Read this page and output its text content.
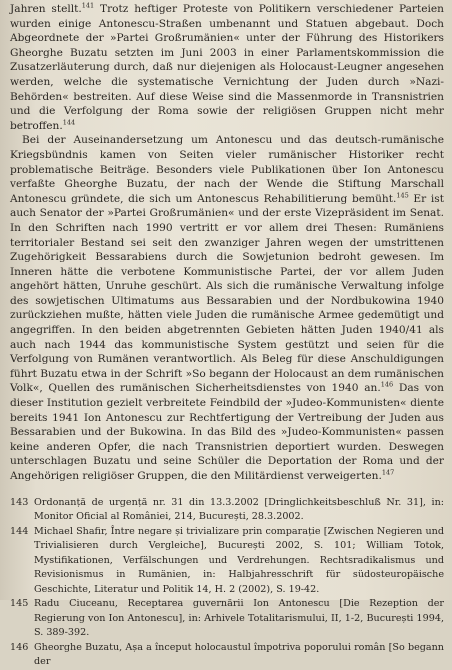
Jahren stellt.$^{141}$ Trotz heftiger Proteste von Politikern verschiedener Parteien wurden einige Antonescu-Straßen umbenannt und Statuen abgebaut. Doch Abgeordnete der »Partei Großrumänien« unter der Führung des Historikers Gheorghe Buzatu setzten im Juni 2003 in einer Parlamentskommission die Zusatzerläuterung durch, daß nur diejenigen als Holocaust-Leugner angesehen werden, welche die systematische Vernichtung der Juden durch »Nazi-Behörden« bestreiten. Auf diese Weise sind die Massenmorde in Transnistrien und die Verfolgung der Roma sowie der religiösen Gruppen nicht mehr betroffen.$^{144}$

Bei der Auseinandersetzung um Antonescu und das deutsch-rumänische Kriegsbündnis kamen von Seiten vieler rumänischer Historiker recht problematische Beiträge. Besonders viele Publikationen über Ion Antonescu verfaßte Gheorghe Buzatu, der nach der Wende die Stiftung Marschall Antonescu gründete, die sich um Antonescus Rehabilitierung bemüht.$^{145}$ Er ist auch Senator der »Partei Großrumänien« und der erste Vizepräsident im Senat. In den Schriften nach 1990 vertritt er vor allem drei Thesen: Rumäniens territorialer Bestand sei seit den zwanziger Jahren wegen der umstrittenen Zugehörigkeit Bessarabiens durch die Sowjetunion bedroht gewesen. Im Inneren hätte die verbotene Kommunistische Partei, der vor allem Juden angehört hätten, Unruhe geschürt. Als sich die rumänische Verwaltung infolge des sowjetischen Ultimatums aus Bessarabien und der Nordbukowina 1940 zurückziehen mußte, hätten viele Juden die rumänische Armee gedemütigt und angegriffen. In den beiden abgetrennten Gebieten hätten Juden 1940/41 als auch nach 1944 das kommunistische System gestützt und seien für die Verfolgung von Rumänen verantwortlich. Als Beleg für diese Anschuldigungen führt Buzatu etwa in der Schrift »So begann der Holocaust an dem rumänischen Volk«, Quellen des rumänischen Sicherheitsdienstes von 1940 an.$^{146}$ Das von dieser Institution gezielt verbreitete Feindbild der »Judeo-Kommunisten« diente bereits 1941 Ion Antonescu zur Rechtfertigung der Vertreibung der Juden aus Bessarabien und der Bukowina. In das Bild des »Judeo-Kommunisten« passen keine anderen Opfer, die nach Transnistrien deportiert wurden. Deswegen unterschlagen Buzatu und seine Schüler die Deportation der Roma und der Angehörigen religiöser Gruppen, die den Militärdienst verweigerten.$^{147}$

143 Ordonanță de urgență nr. 31 din 13.3.2002 [Dringlichkeitsbeschluß Nr. 31], in: Monitor Oficial al României, 214, București, 28.3.2002.
144 Michael Shafir, Între negare și trivializare prin comparație [Zwischen Negieren und Trivialisieren durch Vergleiche], București 2002, S. 101; William Totok, Mystifikationen, Verfälschungen und Verdrehungen. Rechtsradikalismus und Revisionismus in Rumänien, in: Halbjahresschrift für südosteuropäische Geschichte, Literatur und Politik 14, H. 2 (2002), S. 19-42.
145 Radu Ciuceanu, Receptarea guvernării Ion Antonescu [Die Rezeption der Regierung von Ion Antonescu], in: Arhivele Totalitarismului, II, 1-2, București 1994, S. 389-392.
146 Gheorghe Buzatu, Așa a început holocaustul împotriva poporului român [So begann der
